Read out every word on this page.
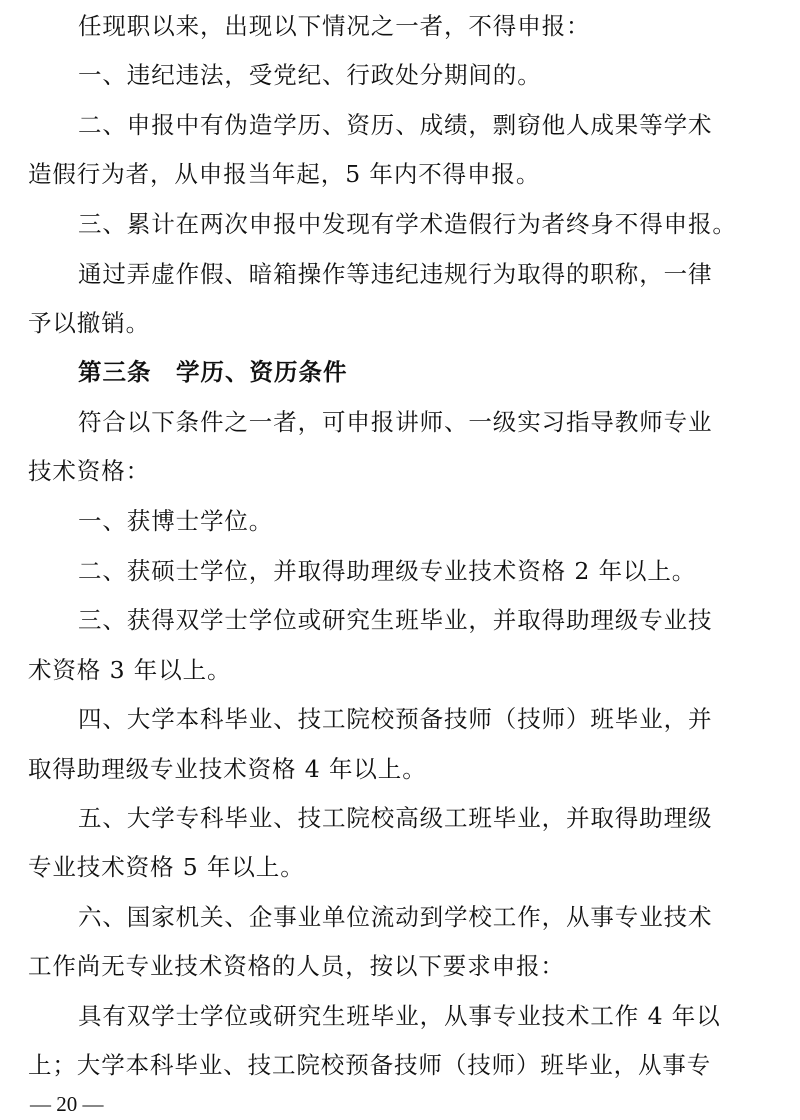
任现职以来，出现以下情况之一者，不得申报：
一、违纪违法，受党纪、行政处分期间的。
二、申报中有伪造学历、资历、成绩，剽窃他人成果等学术
造假行为者，从申报当年起，5 年内不得申报。
三、累计在两次申报中发现有学术造假行为者终身不得申报。
通过弄虚作假、暗箱操作等违纪违规行为取得的职称，一律
予以撤销。
第三条　学历、资历条件
符合以下条件之一者，可申报讲师、一级实习指导教师专业
技术资格：
一、获博士学位。
二、获硕士学位，并取得助理级专业技术资格 2 年以上。
三、获得双学士学位或研究生班毕业，并取得助理级专业技
术资格 3 年以上。
四、大学本科毕业、技工院校预备技师（技师）班毕业，并
取得助理级专业技术资格 4 年以上。
五、大学专科毕业、技工院校高级工班毕业，并取得助理级
专业技术资格 5 年以上。
六、国家机关、企事业单位流动到学校工作，从事专业技术
工作尚无专业技术资格的人员，按以下要求申报：
具有双学士学位或研究生班毕业，从事专业技术工作 4 年以
上；大学本科毕业、技工院校预备技师（技师）班毕业，从事专
— 20 —
